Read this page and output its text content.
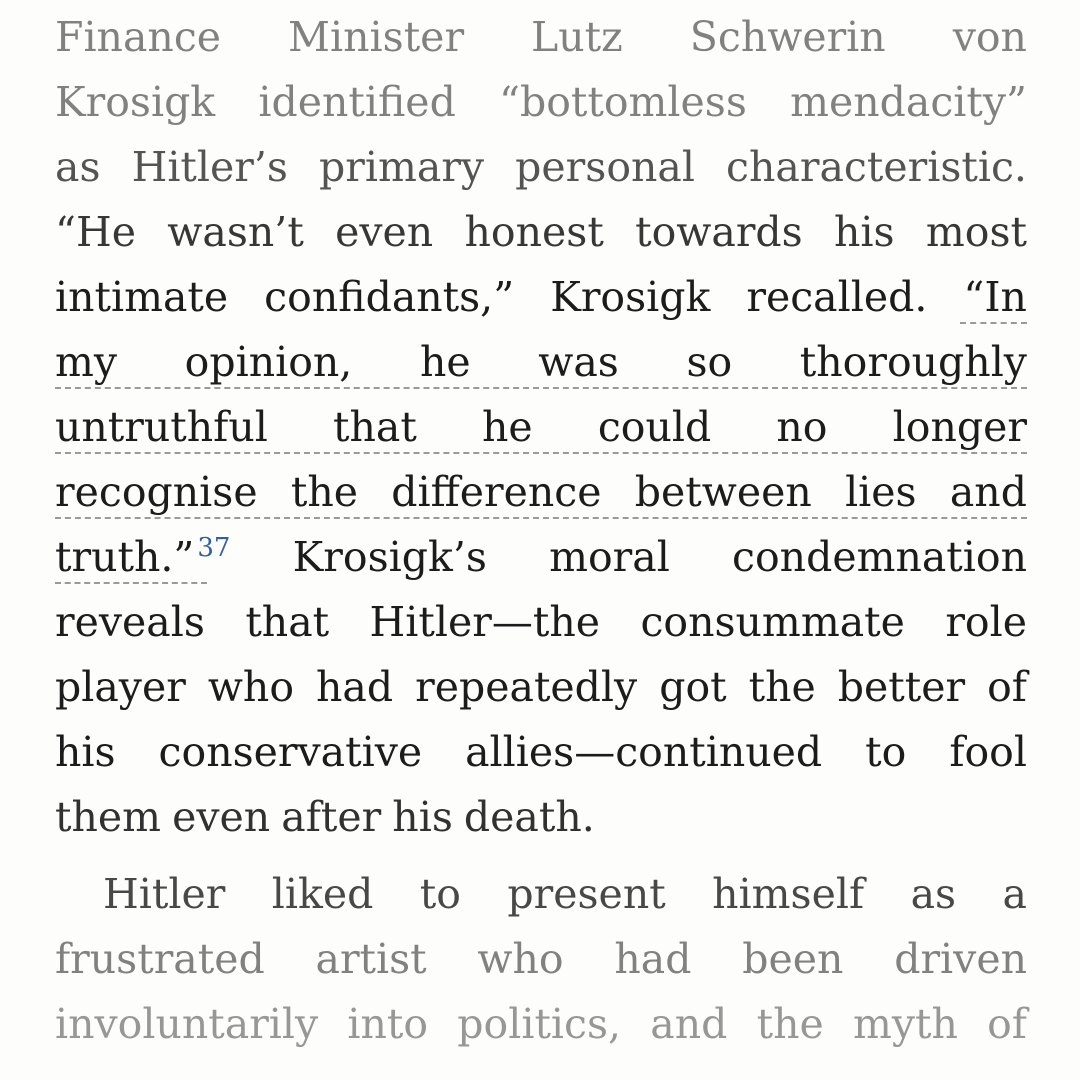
Finance Minister Lutz Schwerin von
Krosigk identified “bottomless mendacity”
as Hitler’s primary personal characteristic.
“He wasn’t even honest towards his most
intimate confidants,” Krosigk recalled. “In
my opinion, he was so thoroughly
untruthful that he could no longer
recognise the difference between lies and
truth.” $^{37}$ Krosigk’s moral condemnation
reveals that Hitler—the consummate role
player who had repeatedly got the better of
his conservative allies—continued to fool
them even after his death.
Hitler liked to present himself as a
frustrated artist who had been driven
involuntarily into politics, and the myth of
